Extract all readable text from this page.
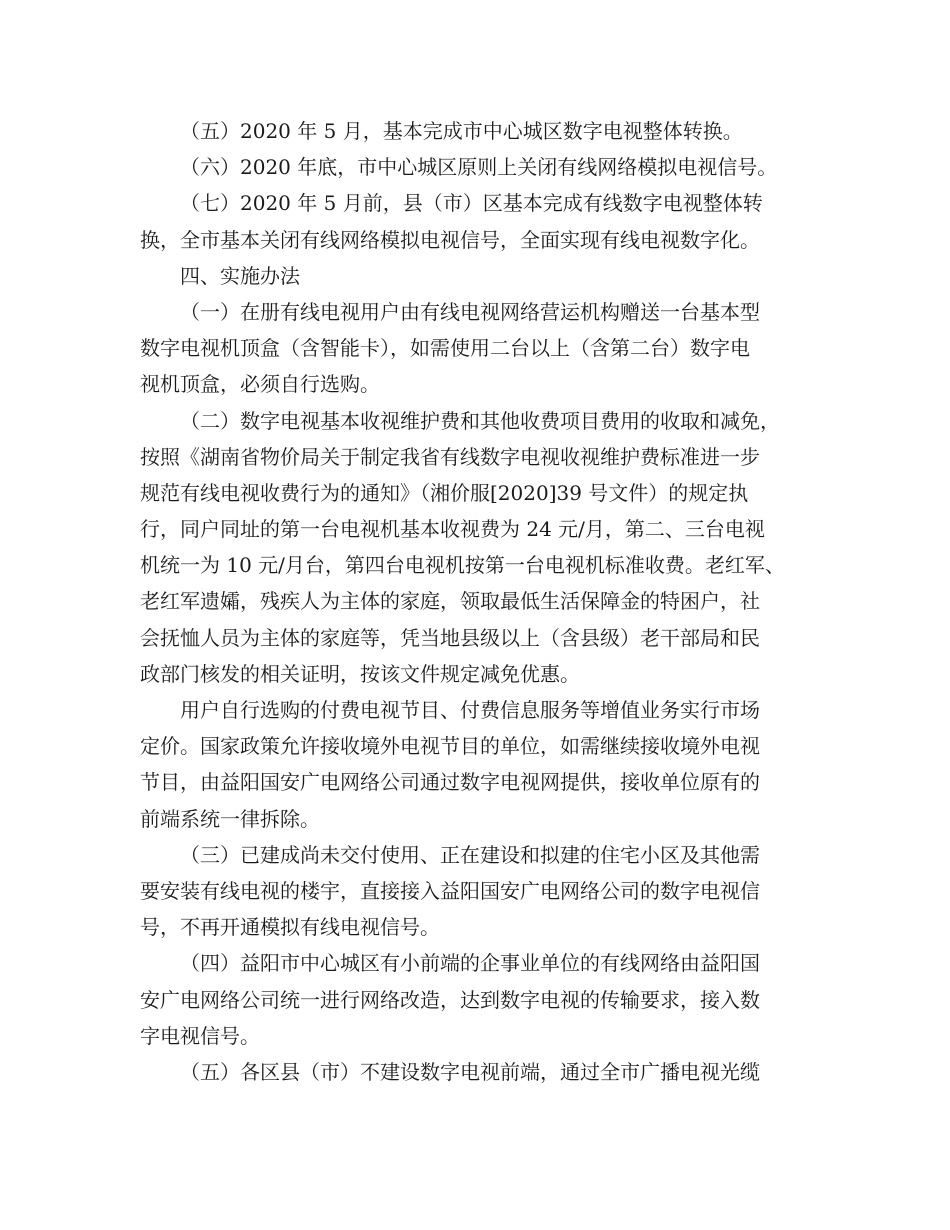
（五）2020 年 5 月，基本完成市中心城区数字电视整体转换。
（六）2020 年底，市中心城区原则上关闭有线网络模拟电视信号。
（七）2020 年 5 月前，县（市）区基本完成有线数字电视整体转
换，全市基本关闭有线网络模拟电视信号，全面实现有线电视数字化。
四、实施办法
（一）在册有线电视用户由有线电视网络营运机构赠送一台基本型
数字电视机顶盒（含智能卡），如需使用二台以上（含第二台）数字电
视机顶盒，必须自行选购。
（二）数字电视基本收视维护费和其他收费项目费用的收取和减免，
按照《湖南省物价局关于制定我省有线数字电视收视维护费标准进一步
规范有线电视收费行为的通知》（湘价服[2020]39 号文件）的规定执
行，同户同址的第一台电视机基本收视费为 24 元/月，第二、三台电视
机统一为 10 元/月台，第四台电视机按第一台电视机标准收费。老红军、
老红军遗孀，残疾人为主体的家庭，领取最低生活保障金的特困户，社
会抚恤人员为主体的家庭等，凭当地县级以上（含县级）老干部局和民
政部门核发的相关证明，按该文件规定减免优惠。
用户自行选购的付费电视节目、付费信息服务等增值业务实行市场
定价。国家政策允许接收境外电视节目的单位，如需继续接收境外电视
节目，由益阳国安广电网络公司通过数字电视网提供，接收单位原有的
前端系统一律拆除。
（三）已建成尚未交付使用、正在建设和拟建的住宅小区及其他需
要安装有线电视的楼宇，直接接入益阳国安广电网络公司的数字电视信
号，不再开通模拟有线电视信号。
（四）益阳市中心城区有小前端的企事业单位的有线网络由益阳国
安广电网络公司统一进行网络改造，达到数字电视的传输要求，接入数
字电视信号。
（五）各区县（市）不建设数字电视前端，通过全市广播电视光缆
